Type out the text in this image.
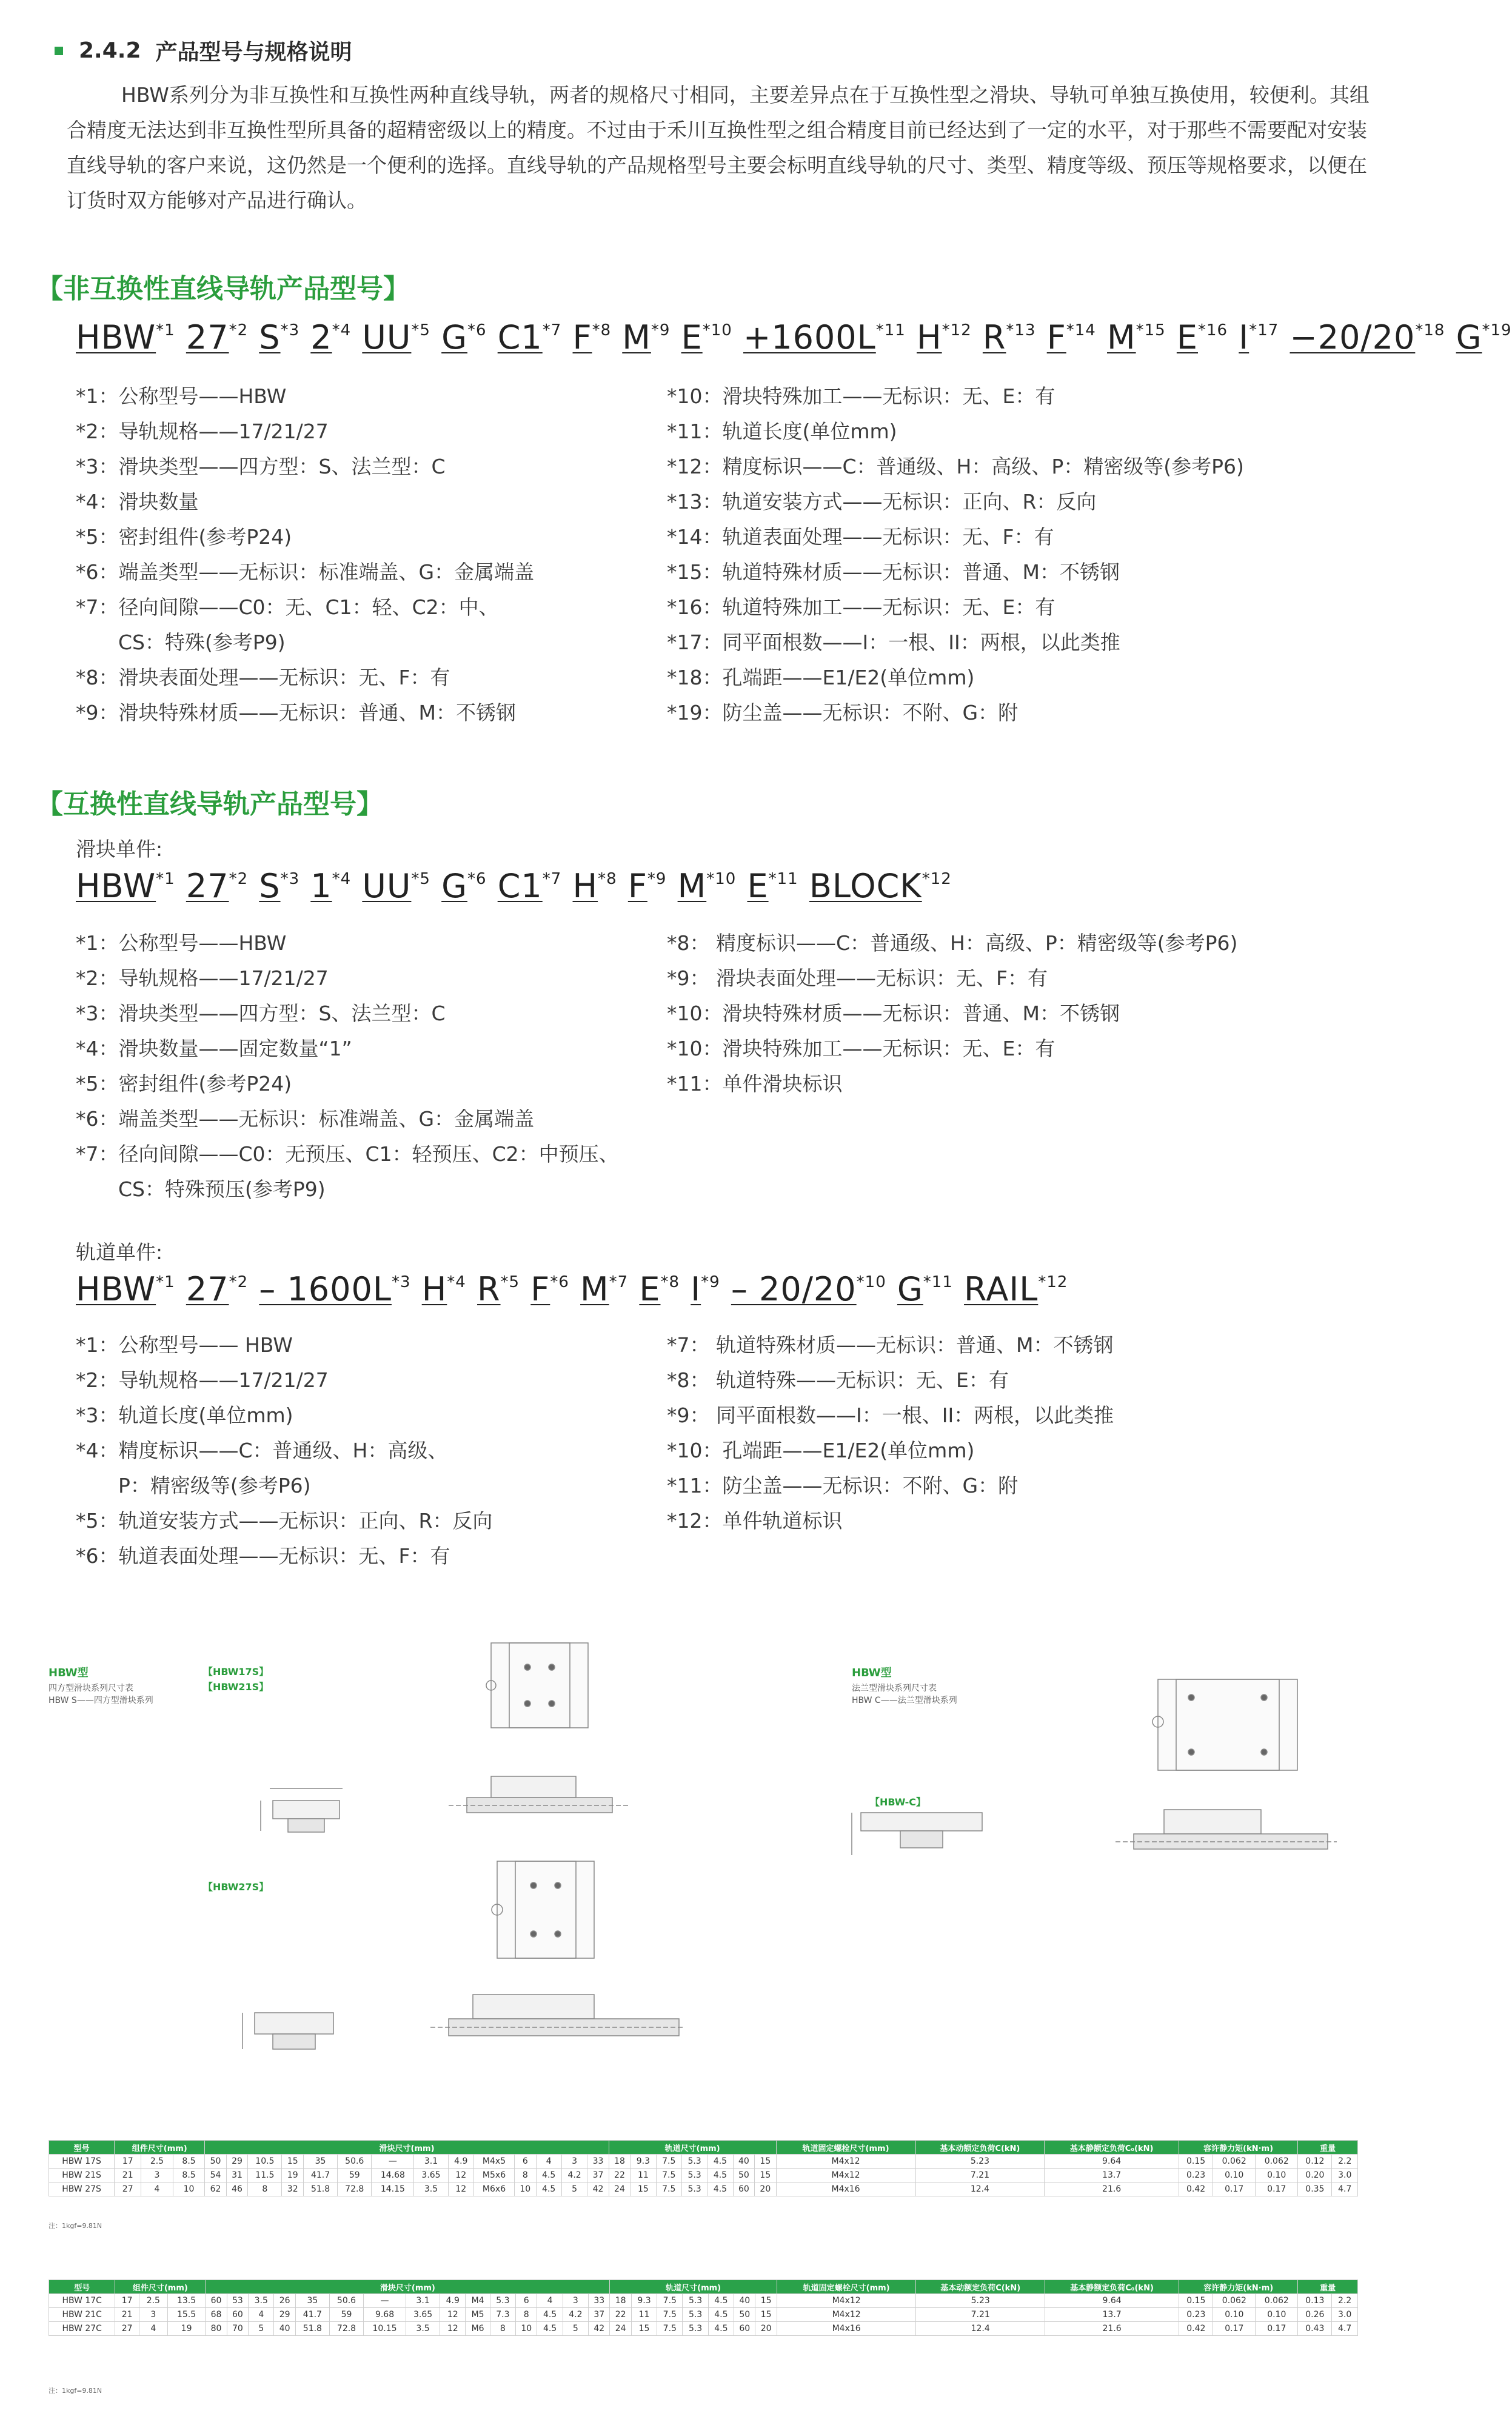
2.4.2 产品型号与规格说明
HBW系列分为非互换性和互换性两种直线导轨，两者的规格尺寸相同，主要差异点在于互换性型之滑块、导轨可单独互换使用，较便利。其组合精度无法达到非互换性型所具备的超精密级以上的精度。不过由于禾川互换性型之组合精度目前已经达到了一定的水平，对于那些不需要配对安装直线导轨的客户来说，这仍然是一个便利的选择。直线导轨的产品规格型号主要会标明直线导轨的尺寸、类型、精度等级、预压等规格要求，以便在订货时双方能够对产品进行确认。
【非互换性直线导轨产品型号】
HBW$^{*1}$ 27$^{*2}$ $S^{*3}$ 2$^{*4}$ UU$^{*5}$ $G^{*6}$ C1$^{*7}$ $F^{*8}$ $M^{*9}$ $E^{*10} +1600L^{*11}$ $H^{*12}$ $R^{*13}$ $F^{*14}$ $M^{*15}$ $E^{*16}$ $I^{*17} -20/20^{*18}$ $G^{*19}$
*1：公称型号——HBW
*2：导轨规格——17/21/27
*3：滑块类型——四方型：S、法兰型：C
*4：滑块数量
*5：密封组件(参考P24)
*6：端盖类型——无标识：标准端盖、G：金属端盖
*7：径向间隙——C0：无、C1：轻、C2：中、
CS：特殊(参考P9)
*8：滑块表面处理——无标识：无、F：有
*9：滑块特殊材质——无标识：普通、M：不锈钢
*10：滑块特殊加工——无标识：无、E：有
*11：轨道长度(单位mm)
*12：精度标识——C：普通级、H：高级、P：精密级等(参考P6)
*13：轨道安装方式——无标识：正向、R：反向
*14：轨道表面处理——无标识：无、F：有
*15：轨道特殊材质——无标识：普通、M：不锈钢
*16：轨道特殊加工——无标识：无、E：有
*17：同平面根数——I：一根、II：两根，以此类推
*18：孔端距——E1/E2(单位mm)
*19：防尘盖——无标识：不附、G：附
【互换性直线导轨产品型号】
滑块单件:
HBW$^{*1}$ 27$^{*2}$ $S^{*3}$ 1$^{*4}$ UU$^{*5}$ $G^{*6}$ C1$^{*7}$ $H^{*8}$ $F^{*9}$ $M^{*10}$ $E^{*11}$ BLOCK$^{*12}$
*1：公称型号——HBW
*2：导轨规格——17/21/27
*3：滑块类型——四方型：S、法兰型：C
*4：滑块数量——固定数量“1”
*5：密封组件(参考P24)
*6：端盖类型——无标识：标准端盖、G：金属端盖
*7：径向间隙——C0：无预压、C1：轻预压、C2：中预压、
CS：特殊预压(参考P9)
*8： 精度标识——C：普通级、H：高级、P：精密级等(参考P6)
*9： 滑块表面处理——无标识：无、F：有
*10：滑块特殊材质——无标识：普通、M：不锈钢
*10：滑块特殊加工——无标识：无、E：有
*11：单件滑块标识
轨道单件:
HBW$^{*1}$ $27^{*2} - 1600L^{*3}$ $H^{*4}$ $R^{*5}$ $F^{*6}$ $M^{*7}$ $E^{*8}$ $I^{*9} - 20/20^{*10}$ $G^{*11}$ RAIL$^{*12}$
*1：公称型号—— HBW
*2：导轨规格——17/21/27
*3：轨道长度(单位mm)
*4：精度标识——C：普通级、H：高级、
P：精密级等(参考P6)
*5：轨道安装方式——无标识：正向、R：反向
*6：轨道表面处理——无标识：无、F：有
*7： 轨道特殊材质——无标识：普通、M：不锈钢
*8： 轨道特殊——无标识：无、E：有
*9： 同平面根数——I：一根、II：两根，以此类推
*10：孔端距——E1/E2(单位mm)
*11：防尘盖——无标识：不附、G：附
*12：单件轨道标识
HBW型
四方型滑块系列尺寸表
HBW S——四方型滑块系列
【HBW17S】
【HBW21S】
【HBW27S】
HBW型
法兰型滑块系列尺寸表
HBW C——法兰型滑块系列
【HBW-C】
型号	组件尺寸(mm)			滑块尺寸(mm)														轨道尺寸(mm)							轨道固定螺栓尺寸(mm)	基本动额定负荷C(kN)	基本静额定负荷C₀(kN)	容许静力矩(kN·m)			重量	
HBW 17S	17	2.5	8.5	50	29	10.5	15	35	50.6	—	3.1	4.9	M4x5	6	4	3	33	18	9.3	7.5	5.3	4.5	40	15	M4x12	5.23	9.64	0.15	0.062	0.062	0.12	2.2
HBW 21S	21	3	8.5	54	31	11.5	19	41.7	59	14.68	3.65	12	M5x6	8	4.5	4.2	37	22	11	7.5	5.3	4.5	50	15	M4x12	7.21	13.7	0.23	0.10	0.10	0.20	3.0
HBW 27S	27	4	10	62	46	8	32	51.8	72.8	14.15	3.5	12	M6x6	10	4.5	5	42	24	15	7.5	5.3	4.5	60	20	M4x16	12.4	21.6	0.42	0.17	0.17	0.35	4.7
注：1kgf=9.81N
型号	组件尺寸(mm)			滑块尺寸(mm)															轨道尺寸(mm)							轨道固定螺栓尺寸(mm)	基本动额定负荷C(kN)	基本静额定负荷C₀(kN)	容许静力矩(kN·m)			重量	
HBW 17C	17	2.5	13.5	60	53	3.5	26	35	50.6	—	3.1	4.9	M4	5.3	6	4	3	33	18	9.3	7.5	5.3	4.5	40	15	M4x12	5.23	9.64	0.15	0.062	0.062	0.13	2.2
HBW 21C	21	3	15.5	68	60	4	29	41.7	59	9.68	3.65	12	M5	7.3	8	4.5	4.2	37	22	11	7.5	5.3	4.5	50	15	M4x12	7.21	13.7	0.23	0.10	0.10	0.26	3.0
HBW 27C	27	4	19	80	70	5	40	51.8	72.8	10.15	3.5	12	M6	8	10	4.5	5	42	24	15	7.5	5.3	4.5	60	20	M4x16	12.4	21.6	0.42	0.17	0.17	0.43	4.7
注：1kgf=9.81N
